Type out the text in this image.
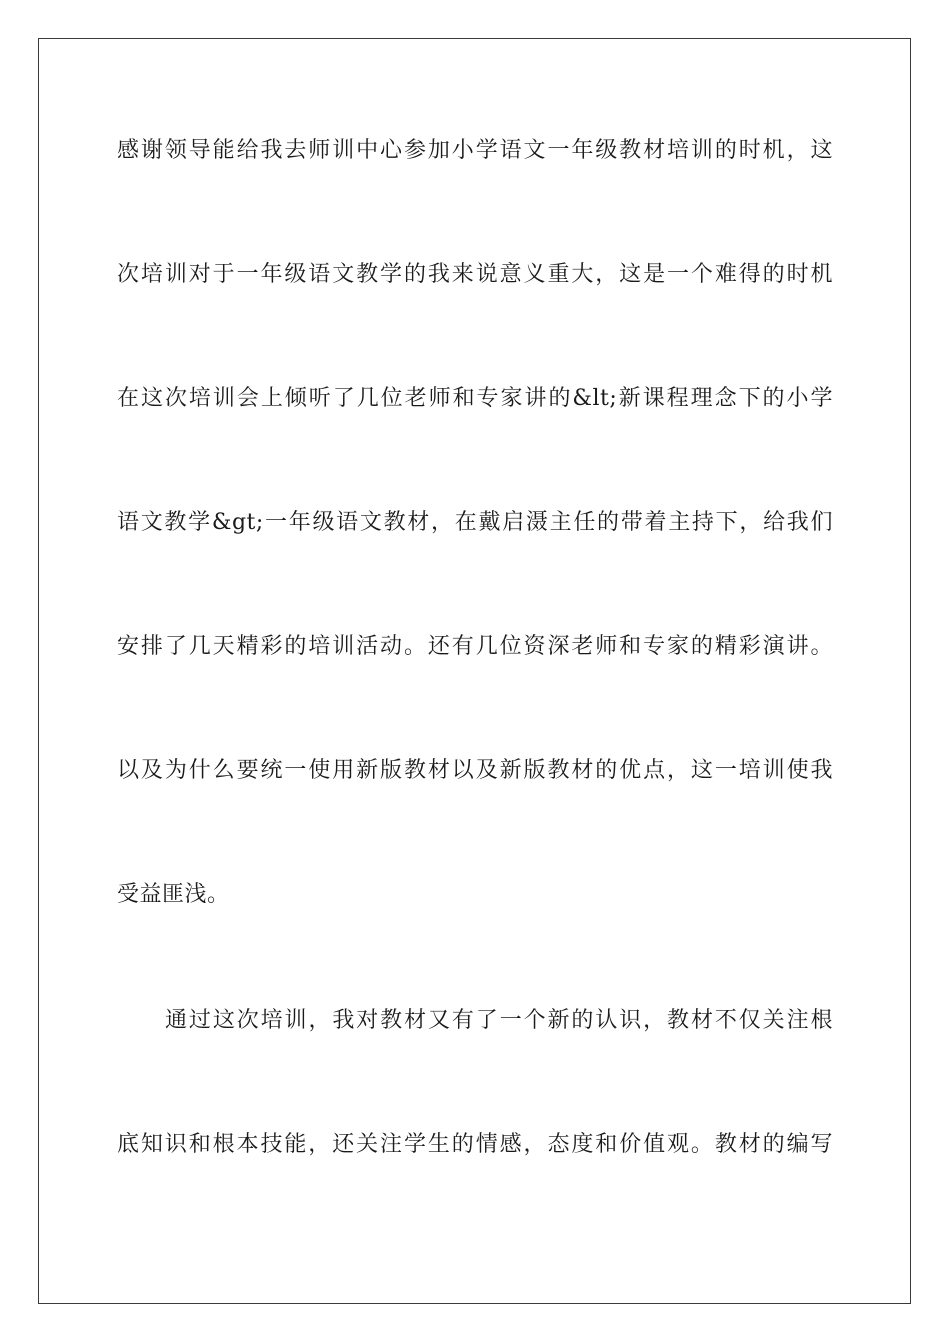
感谢领导能给我去师训中心参加小学语文一年级教材培训的时机，这
次培训对于一年级语文教学的我来说意义重大，这是一个难得的时机
在这次培训会上倾听了几位老师和专家讲的&lt;新课程理念下的小学
语文教学&gt;一年级语文教材，在戴启滠主任的带着主持下，给我们
安排了几天精彩的培训活动。还有几位资深老师和专家的精彩演讲。
以及为什么要统一使用新版教材以及新版教材的优点，这一培训使我
受益匪浅。
通过这次培训，我对教材又有了一个新的认识，教材不仅关注根
底知识和根本技能，还关注学生的情感，态度和价值观。教材的编写
